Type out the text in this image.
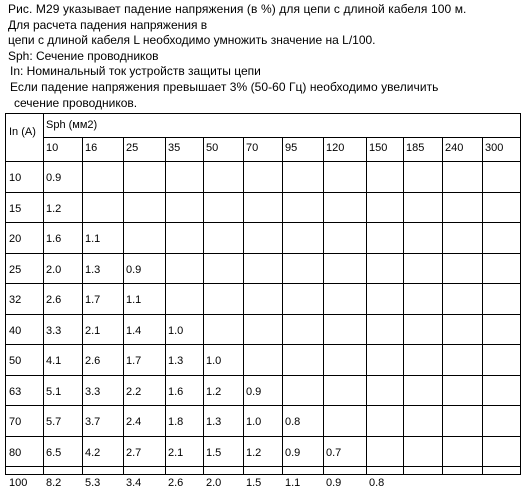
Рис. M29 указывает падение напряжения (в %) для цепи с длиной кабеля 100 м.
Для расчета падения напряжения в
цепи с длиной кабеля L необходимо умножить значение на L/100.
Sph: Сечение проводников
In: Номинальный ток устройств защиты цепи
Если падение напряжения превышает 3% (50-60 Гц) необходимо увеличить
сечение проводников.
In (A)
Sph (мм2)
10 16	25	35 50	70 95	120 150 185 240 300
10 0.9
15 1.2
20 1.6 1.1
25 2.0 1.3 0.9
32 2.6 1.7 1.1
40 3.3 2.1 1.4 1.0
50 4.1 2.6 1.7 1.3 1.0
63 5.1 3.3 2.2 1.6 1.2 0.9
70 5.7 3.7 2.4 1.8 1.3 1.0 0.8
80 6.5 4.2 2.7 2.1 1.5 1.2 0.9 0.7
100 8.2 5.3 3.4 2.6 2.0 1.5 1.1 0.9	0.8
